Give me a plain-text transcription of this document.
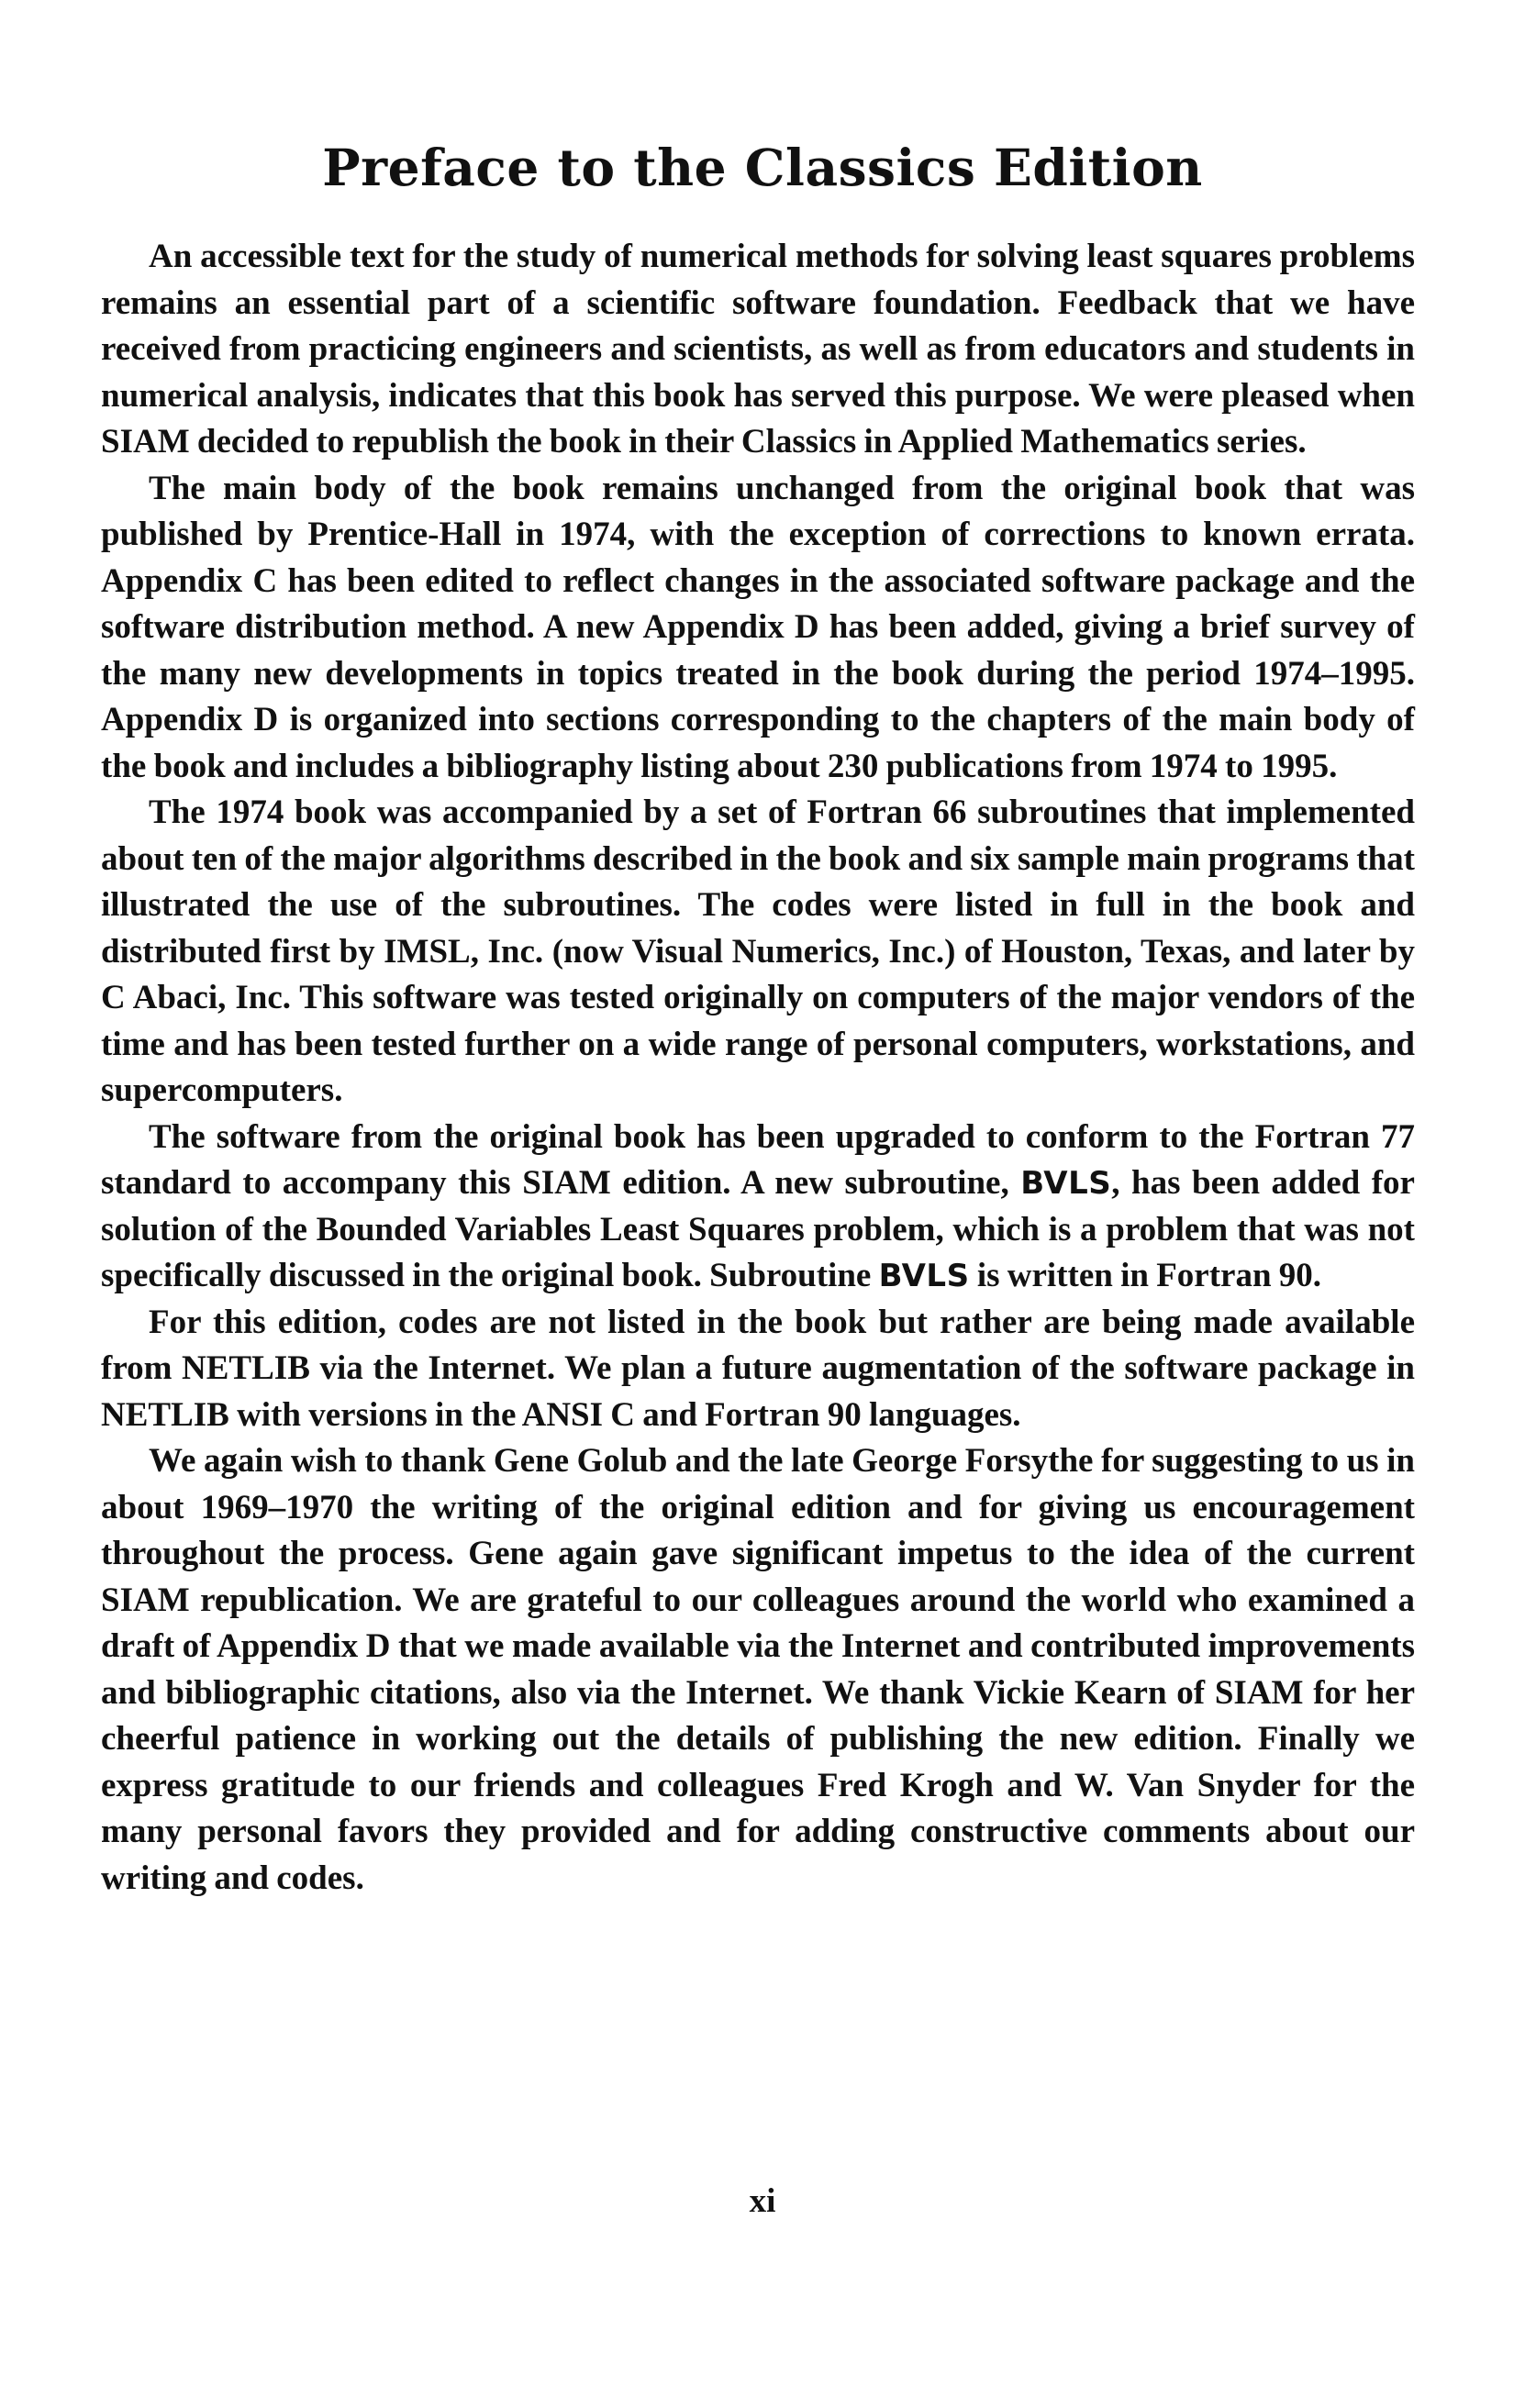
Preface to the Classics Edition

An accessible text for the study of numerical methods for solving least squares problems remains an essential part of a scientific software foundation. Feedback that we have received from practicing engineers and scientists, as well as from educators and students in numerical analysis, indicates that this book has served this purpose. We were pleased when SIAM decided to republish the book in their Classics in Applied Mathematics series.

The main body of the book remains unchanged from the original book that was published by Prentice-Hall in 1974, with the exception of corrections to known errata. Appendix C has been edited to reflect changes in the associated software package and the software distribution method. A new Appendix D has been added, giving a brief survey of the many new developments in topics treated in the book during the period 1974–1995. Appendix D is organized into sections corresponding to the chapters of the main body of the book and includes a bibliography listing about 230 publications from 1974 to 1995.

The 1974 book was accompanied by a set of Fortran 66 subroutines that implemented about ten of the major algorithms described in the book and six sample main programs that illustrated the use of the subroutines. The codes were listed in full in the book and distributed first by IMSL, Inc. (now Visual Numerics, Inc.) of Houston, Texas, and later by C Abaci, Inc. This software was tested originally on computers of the major vendors of the time and has been tested further on a wide range of personal computers, workstations, and supercomputers.

The software from the original book has been upgraded to conform to the Fortran 77 standard to accompany this SIAM edition. A new subroutine, BVLS, has been added for solution of the Bounded Variables Least Squares problem, which is a problem that was not specifically discussed in the original book. Subroutine BVLS is written in Fortran 90.

For this edition, codes are not listed in the book but rather are being made available from NETLIB via the Internet. We plan a future augmentation of the software package in NETLIB with versions in the ANSI C and Fortran 90 languages.

We again wish to thank Gene Golub and the late George Forsythe for suggesting to us in about 1969–1970 the writing of the original edition and for giving us encouragement throughout the process. Gene again gave significant impetus to the idea of the current SIAM republication. We are grateful to our colleagues around the world who examined a draft of Appendix D that we made available via the Internet and contributed improvements and bibliographic citations, also via the Internet. We thank Vickie Kearn of SIAM for her cheerful patience in working out the details of publishing the new edition. Finally we express gratitude to our friends and colleagues Fred Krogh and W. Van Snyder for the many personal favors they provided and for adding constructive comments about our writing and codes.

xi
